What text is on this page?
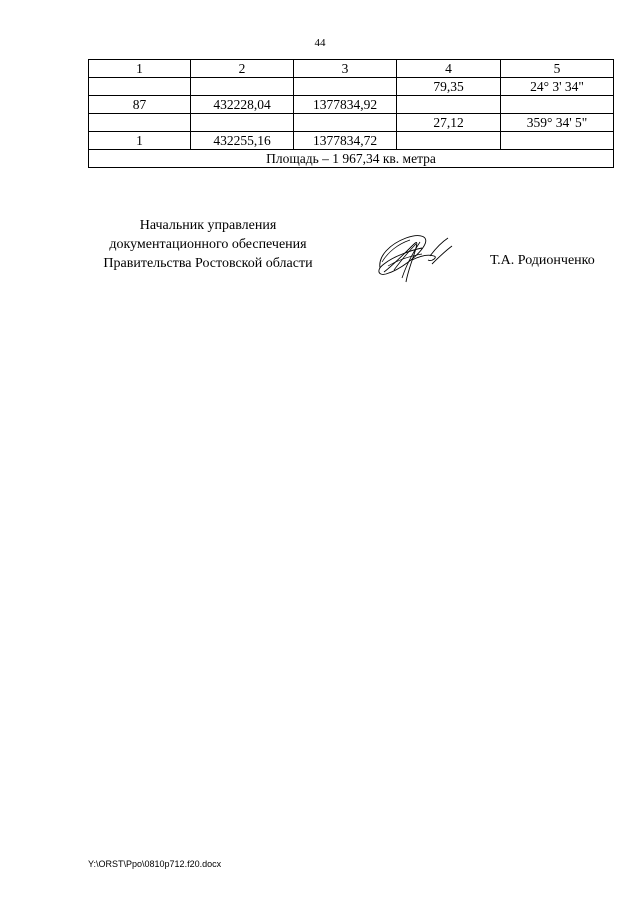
44
1	2	3	4	5
			79,35	24° 3' 34"
87	432228,04	1377834,92		
			27,12	359° 34' 5"
1	432255,16	1377834,72		
Площадь – 1 967,34 кв. метра				
Начальник управления
документационного обеспечения
Правительства Ростовской области	Т.А. Родионченко
Y:\ORST\Ppo\0810p712.f20.docx
